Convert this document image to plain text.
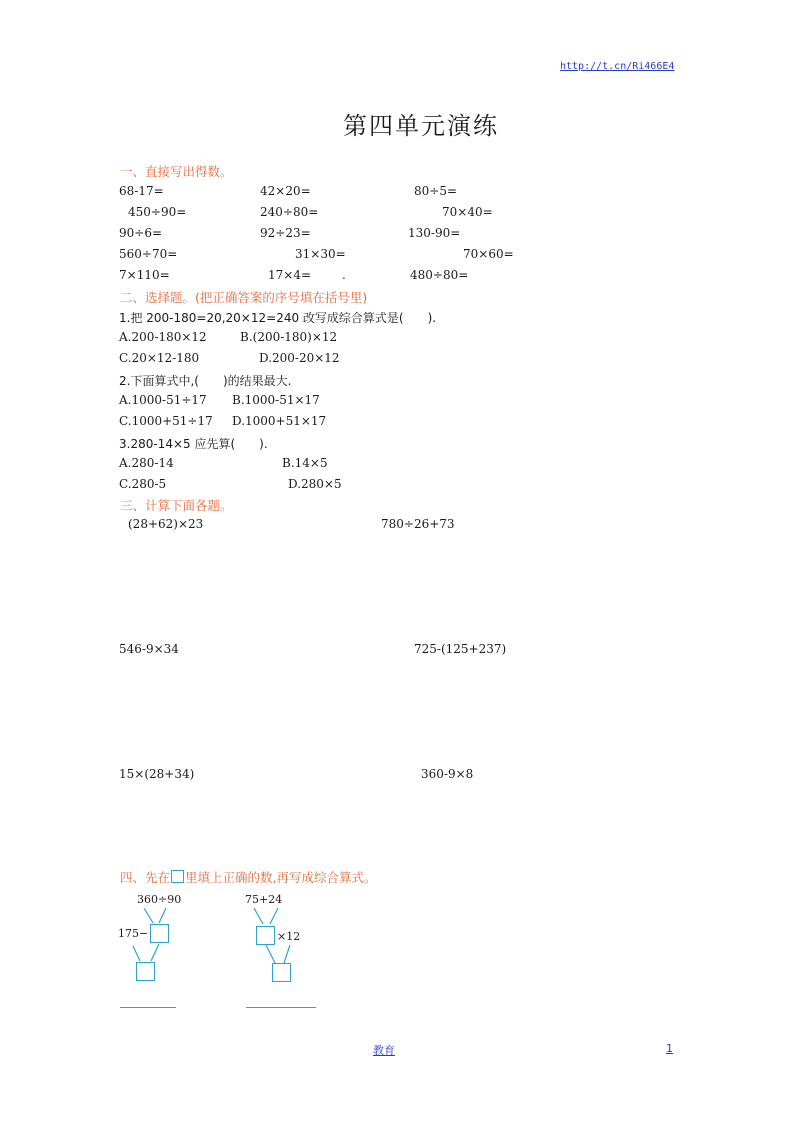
http://t.cn/Ri466E4
第四单元演练
一、直接写出得数。
68-17=	42×20=	80÷5=
450÷90=	240÷80=	70×40=
90÷6=	92÷23=	130-90=
560÷70=	31×30=	70×60=
7×110=	17×4=	.	480÷80=
二、选择题。(把正确答案的序号填在括号里)
1.把 200-180=20,20×12=240 改写成综合算式是(　　).
A.200-180×12	B.(200-180)×12
C.20×12-180	D.200-20×12
2.下面算式中,(　　)的结果最大.
A.1000-51÷17 B.1000-51×17
C.1000+51÷17 D.1000+51×17
3.280-14×5 应先算(　　).
A.280-14	B.14×5
C.280-5	D.280×5
三、计算下面各题。
(28+62)×23	780÷26+73
546-9×34	725-(125+237)
15×(28+34)	360-9×8
四、先在 里填上正确的数,再写成综合算式。
360÷90
175−
75+24
×12
教育	1
